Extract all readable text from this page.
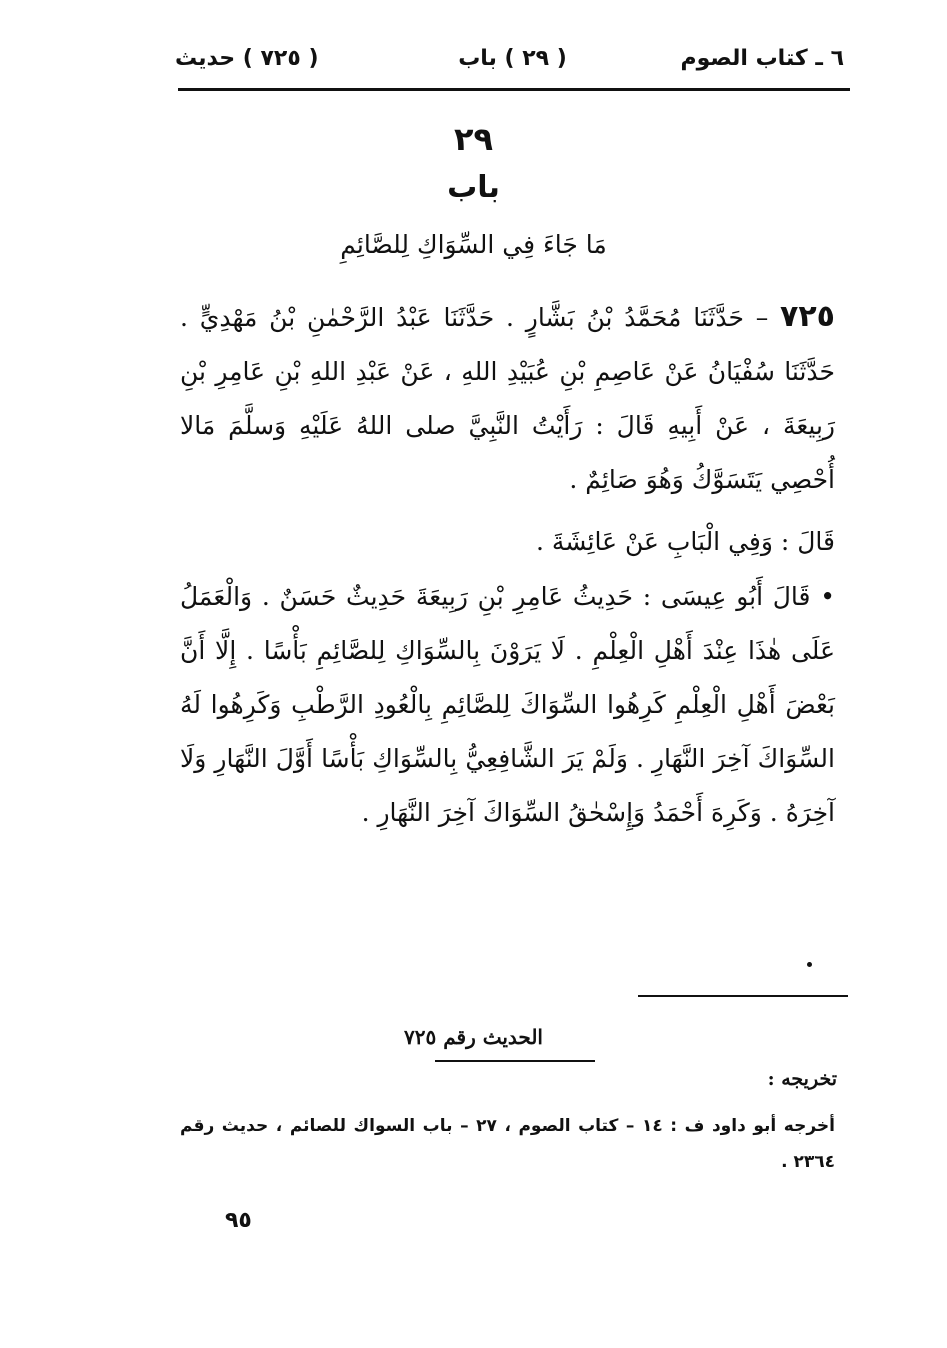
٦ ـ كتاب الصوم
( ٢٩ ) باب
( ٧٢٥ ) حديث
٢٩
باب
مَا جَاءَ فِي السِّوَاكِ لِلصَّائِمِ
٧٢٥ – حَدَّثَنَا مُحَمَّدُ بْنُ بَشَّارٍ . حَدَّثَنَا عَبْدُ الرَّحْمٰنِ بْنُ مَهْدِيٍّ . حَدَّثَنَا سُفْيَانُ عَنْ عَاصِمِ بْنِ عُبَيْدِ اللهِ ، عَنْ عَبْدِ اللهِ بْنِ عَامِرِ بْنِ رَبِيعَةَ ، عَنْ أَبِيهِ قَالَ : رَأَيْتُ النَّبِيَّ صلى اللهُ عَلَيْهِ وَسلَّمَ مَالا أُحْصِي يَتَسَوَّكُ وَهُوَ صَائِمٌ .
قَالَ : وَفِي الْبَابِ عَنْ عَائِشَةَ .
• قَالَ أَبُو عِيسَى : حَدِيثُ عَامِرِ بْنِ رَبِيعَةَ حَدِيثٌ حَسَنٌ . وَالْعَمَلُ عَلَى هٰذَا عِنْدَ أَهْلِ الْعِلْمِ . لَا يَرَوْنَ بِالسِّوَاكِ لِلصَّائِمِ بَأْسًا . إِلَّا أَنَّ بَعْضَ أَهْلِ الْعِلْمِ كَرِهُوا السِّوَاكَ لِلصَّائِمِ بِالْعُودِ الرَّطْبِ وَكَرِهُوا لَهُ السِّوَاكَ آخِرَ النَّهَارِ . وَلَمْ يَرَ الشَّافِعِيُّ بِالسِّوَاكِ بَأْسًا أَوَّلَ النَّهَارِ وَلَا آخِرَهُ . وَكَرِهَ أَحْمَدُ وَإِسْحٰقُ السِّوَاكَ آخِرَ النَّهَارِ .
الحديث رقم ٧٢٥
تخريجه :
أخرجه أبو داود ف : ١٤ – كتاب الصوم ، ٢٧ – باب السواك للصائم ، حديث رقم ٢٣٦٤ .
٩٥
